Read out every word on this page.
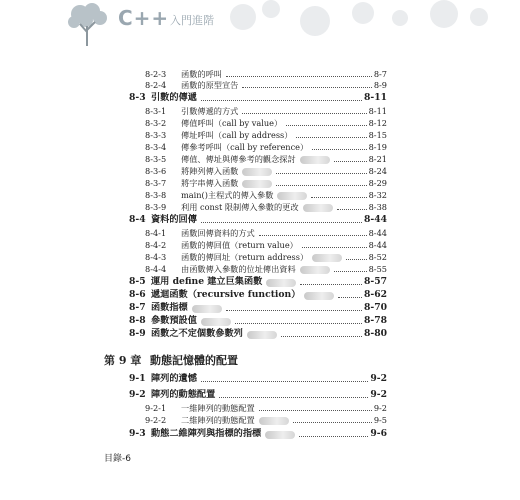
C++ 入門進階
8-2-3	函數的呼叫	8-7
8-2-4	函數的原型宣告	8-9
8-3 引數的傳遞	8-11
8-3-1	引數傳遞的方式	8-11
8-3-2	傳值呼叫（call by value）	8-12
8-3-3	傳址呼叫（call by address）	8-15
8-3-4	傳參考呼叫（call by reference）	8-19
8-3-5	傳值、傳址與傳參考的觀念探討	8-21
8-3-6	將陣列傳入函數	8-24
8-3-7	將字串傳入函數	8-29
8-3-8	main()主程式的傳入參數	8-32
8-3-9	利用 const 限制傳入參數的更改	8-38
8-4 資料的回傳	8-44
8-4-1	函數回傳資料的方式	8-44
8-4-2	函數的傳回值（return value）	8-44
8-4-3	函數的傳回址（return address）	8-52
8-4-4	由函數傳入參數的位址傳出資料	8-55
8-5 運用 define 建立巨集函數	8-57
8-6 遞迴函數（recursive function）	8-62
8-7 函數指標	8-70
8-8 參數預設值	8-78
8-9 函數之不定個數參數列	8-80
第 9 章 動態記憶體的配置
9-1 陣列的遺憾	9-2
9-2 陣列的動態配置	9-2
9-2-1	一維陣列的動態配置	9-2
9-2-2	二維陣列的動態配置	9-5
9-3 動態二維陣列與指標的指標	9-6
目錄-6
